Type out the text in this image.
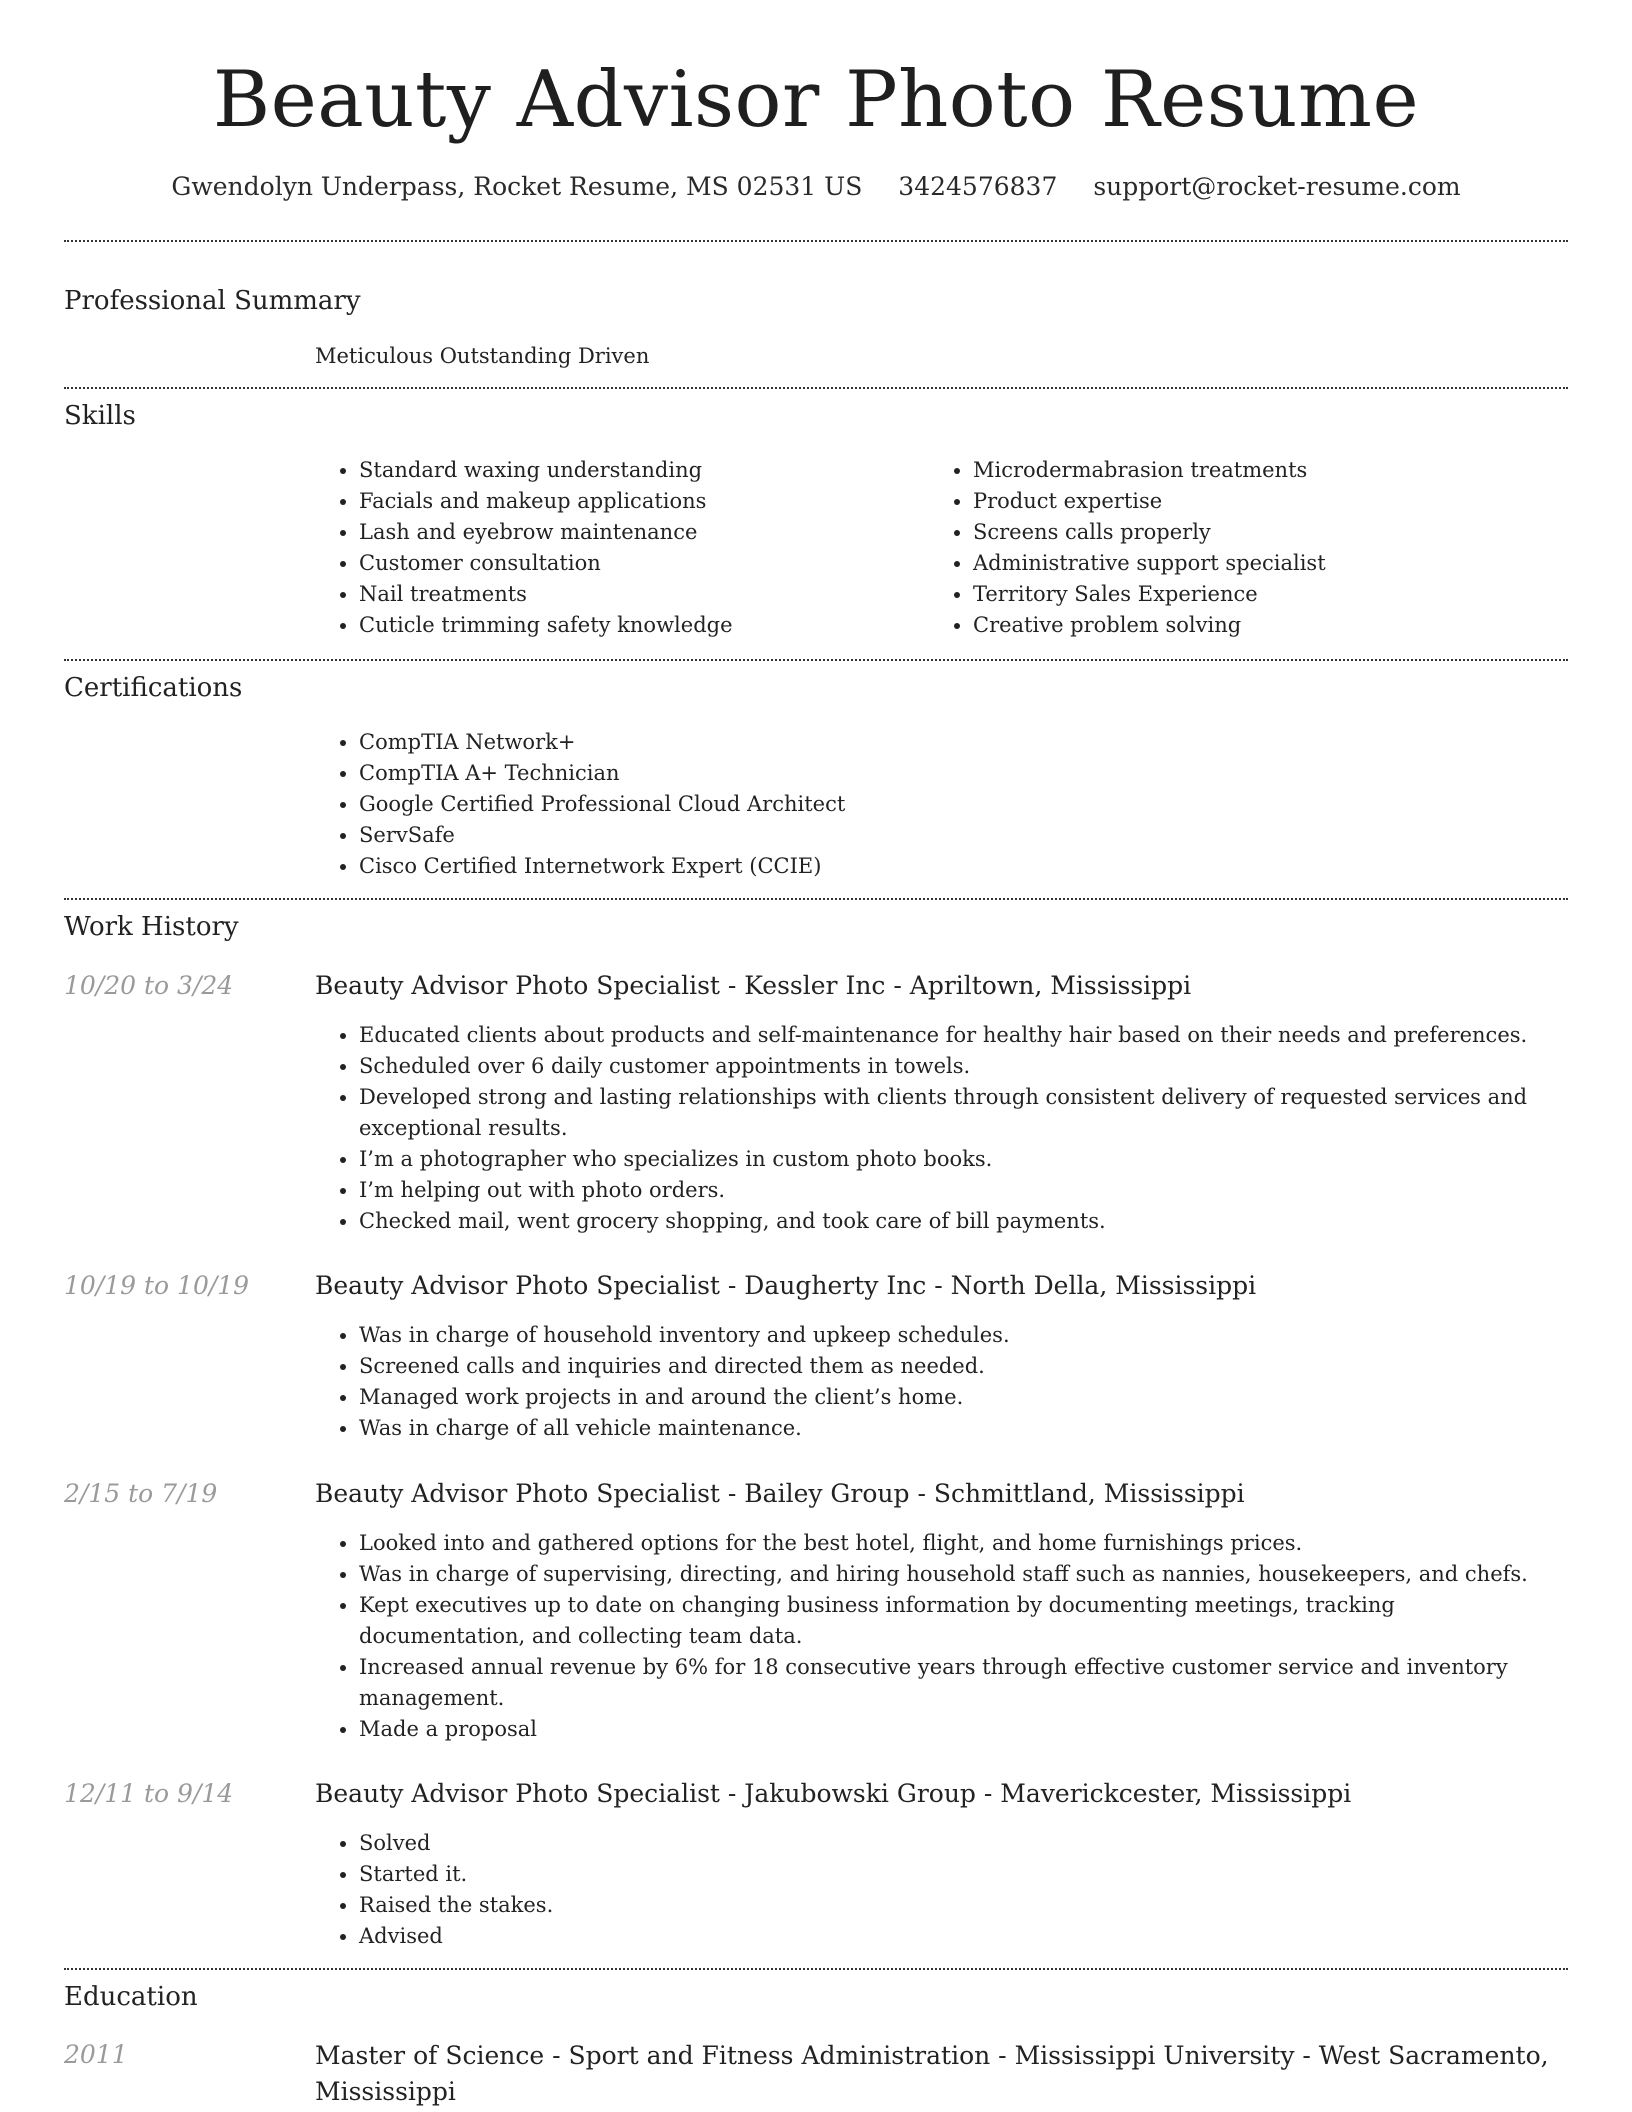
Beauty Advisor Photo Resume
Gwendolyn Underpass, Rocket Resume, MS 02531 US 3424576837 support@rocket-resume.com
Professional Summary
Meticulous Outstanding Driven
Skills
• Standard waxing understanding
• Facials and makeup applications
• Lash and eyebrow maintenance
• Customer consultation
• Nail treatments
• Cuticle trimming safety knowledge
• Microdermabrasion treatments
• Product expertise
• Screens calls properly
• Administrative support specialist
• Territory Sales Experience
• Creative problem solving
Certifications
• CompTIA Network+
• CompTIA A+ Technician
• Google Certified Professional Cloud Architect
• ServSafe
• Cisco Certified Internetwork Expert (CCIE)
Work History
10/20 to 3/24	Beauty Advisor Photo Specialist - Kessler Inc - Apriltown, Mississippi
• Educated clients about products and self-maintenance for healthy hair based on their needs and preferences.
• Scheduled over 6 daily customer appointments in towels.
• Developed strong and lasting relationships with clients through consistent delivery of requested services and exceptional results.
• I’m a photographer who specializes in custom photo books.
• I’m helping out with photo orders.
• Checked mail, went grocery shopping, and took care of bill payments.
10/19 to 10/19	Beauty Advisor Photo Specialist - Daugherty Inc - North Della, Mississippi
• Was in charge of household inventory and upkeep schedules.
• Screened calls and inquiries and directed them as needed.
• Managed work projects in and around the client’s home.
• Was in charge of all vehicle maintenance.
2/15 to 7/19	Beauty Advisor Photo Specialist - Bailey Group - Schmittland, Mississippi
• Looked into and gathered options for the best hotel, flight, and home furnishings prices.
• Was in charge of supervising, directing, and hiring household staff such as nannies, housekeepers, and chefs.
• Kept executives up to date on changing business information by documenting meetings, tracking documentation, and collecting team data.
• Increased annual revenue by 6% for 18 consecutive years through effective customer service and inventory management.
• Made a proposal
12/11 to 9/14	Beauty Advisor Photo Specialist - Jakubowski Group - Maverickcester, Mississippi
• Solved
• Started it.
• Raised the stakes.
• Advised
Education
2011	Master of Science - Sport and Fitness Administration - Mississippi University - West Sacramento, Mississippi
